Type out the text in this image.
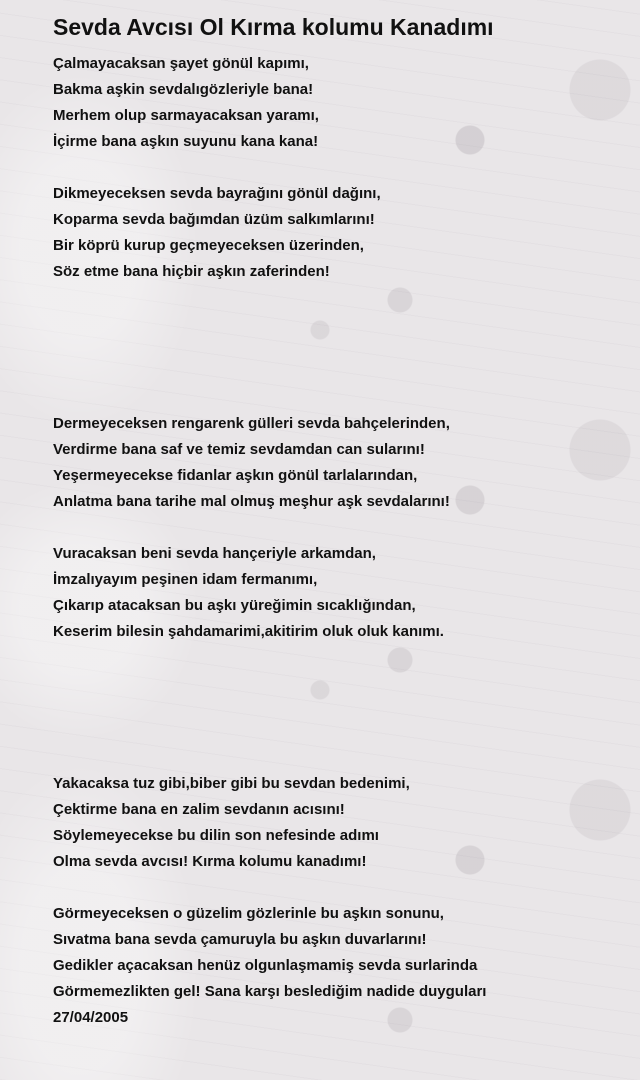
Sevda Avcısı Ol Kırma kolumu Kanadımı
Çalmayacaksan şayet gönül kapımı,
Bakma aşkin sevdalıgözleriyle bana!
Merhem olup sarmayacaksan yaramı,
İçirme bana aşkın suyunu kana kana!
Dikmeyeceksen sevda bayrağını gönül dağını,
Koparma sevda bağımdan üzüm salkımlarını!
Bir köprü kurup geçmeyeceksen üzerinden,
Söz etme bana hiçbir aşkın zaferinden!
Dermeyeceksen rengarenk gülleri sevda bahçelerinden,
Verdirme bana saf ve temiz sevdamdan can sularını!
Yeşermeyecekse fidanlar aşkın gönül tarlalarından,
Anlatma bana tarihe mal olmuş meşhur aşk sevdalarını!
Vuracaksan beni sevda hançeriyle arkamdan,
İmzalıyayım peşinen idam fermanımı,
Çıkarıp atacaksan bu aşkı yüreğimin sıcaklığından,
Keserim bilesin şahdamarimi,akitirim oluk oluk kanımı.
Yakacaksa tuz gibi,biber gibi bu sevdan bedenimi,
Çektirme bana en zalim sevdanın acısını!
Söylemeyecekse bu dilin son nefesinde adımı
Olma sevda avcısı! Kırma kolumu kanadımı!
Görmeyeceksen o güzelim gözlerinle bu aşkın sonunu,
Sıvatma bana sevda çamuruyla bu aşkın duvarlarını!
Gedikler açacaksan henüz olgunlaşmamiş sevda surlarinda
Görmemezlikten gel! Sana karşı beslediğim nadide duyguları
27/04/2005
